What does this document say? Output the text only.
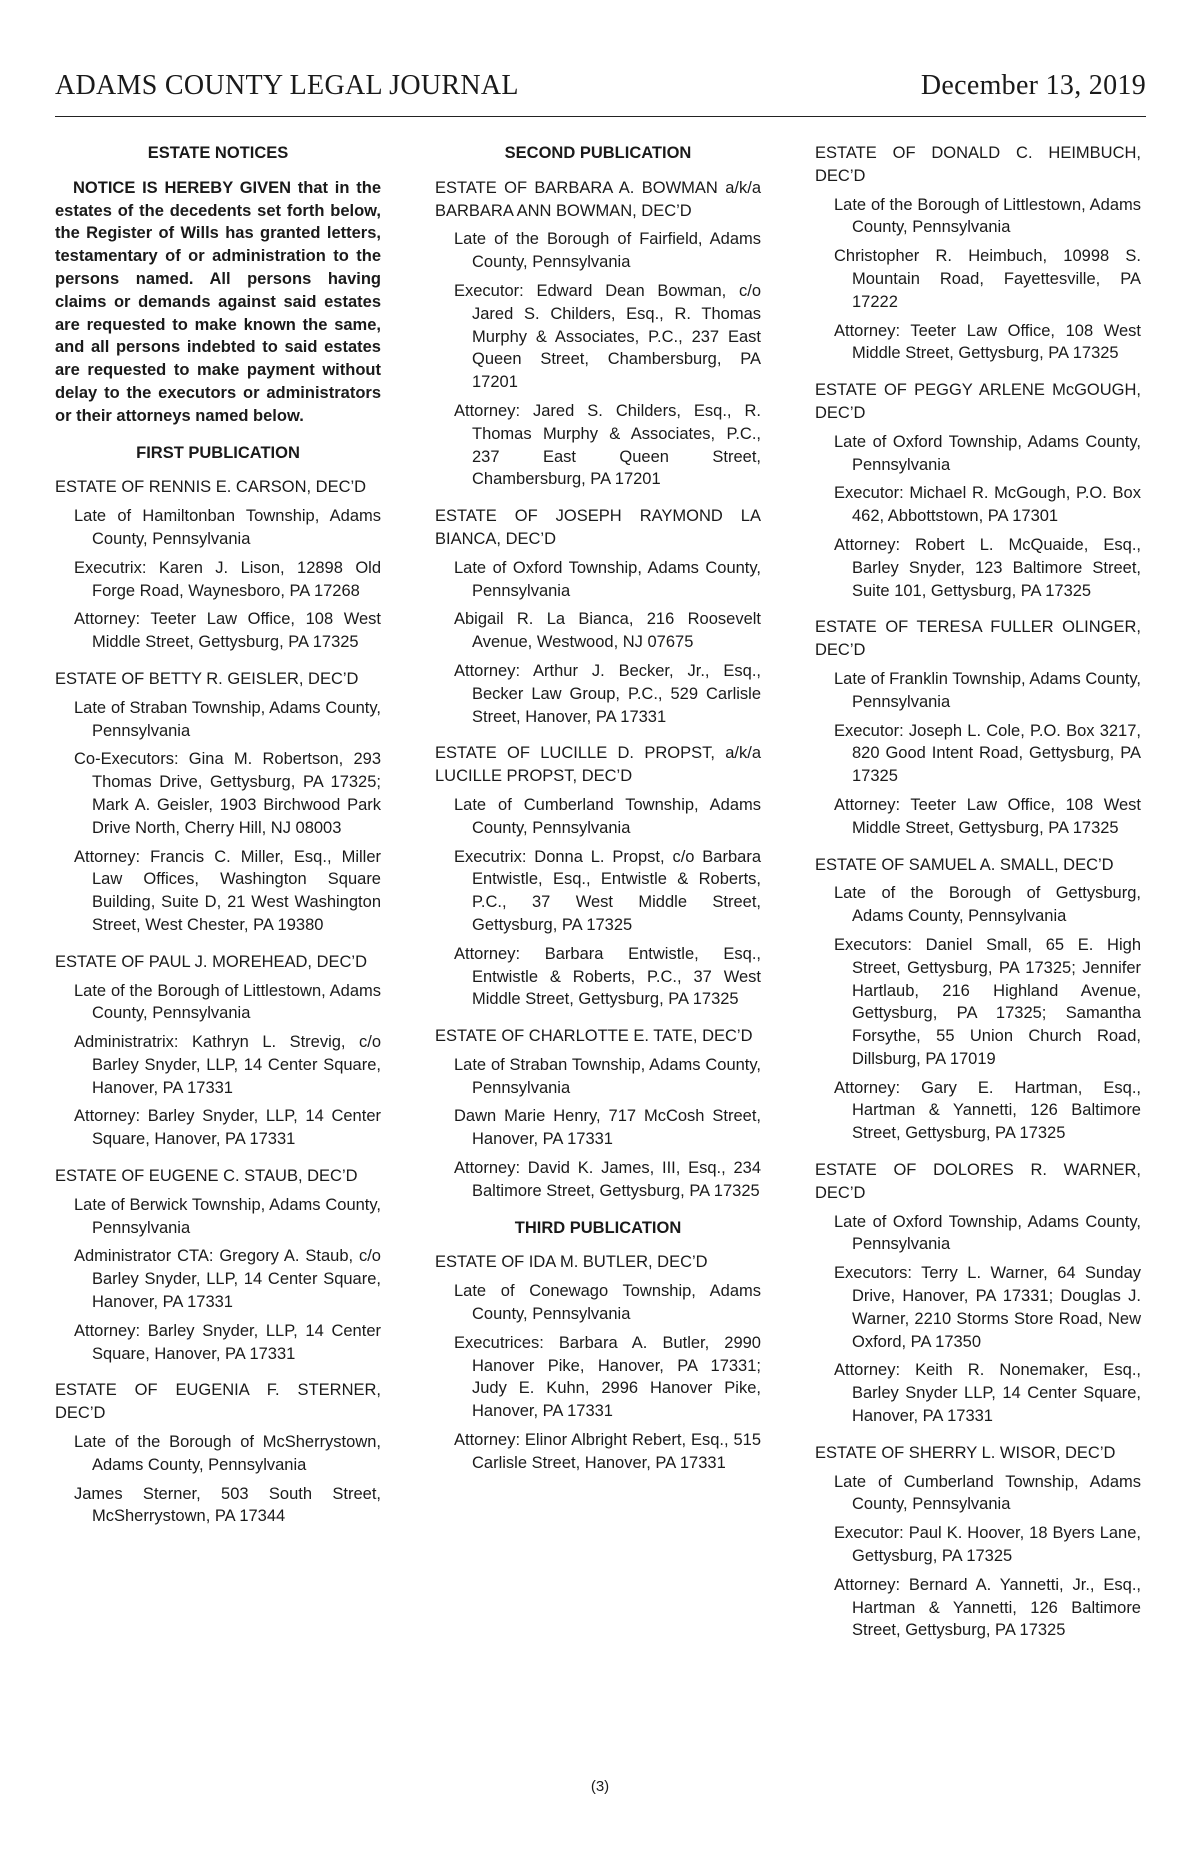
ADAMS COUNTY LEGAL JOURNAL	December 13, 2019

ESTATE NOTICES

NOTICE IS HEREBY GIVEN that in the estates of the decedents set forth below, the Register of Wills has granted letters, testamentary of or administration to the persons named. All persons having claims or demands against said estates are requested to make known the same, and all persons indebted to said estates are requested to make payment without delay to the executors or administrators or their attorneys named below.

FIRST PUBLICATION

ESTATE OF RENNIS E. CARSON, DEC’D

Late of Hamiltonban Township, Adams County, Pennsylvania

Executrix: Karen J. Lison, 12898 Old Forge Road, Waynesboro, PA 17268

Attorney: Teeter Law Office, 108 West Middle Street, Gettysburg, PA 17325

ESTATE OF BETTY R. GEISLER, DEC’D

Late of Straban Township, Adams County, Pennsylvania

Co-Executors: Gina M. Robertson, 293 Thomas Drive, Gettysburg, PA 17325; Mark A. Geisler, 1903 Birchwood Park Drive North, Cherry Hill, NJ 08003

Attorney: Francis C. Miller, Esq., Miller Law Offices, Washington Square Building, Suite D, 21 West Washington Street, West Chester, PA 19380

ESTATE OF PAUL J. MOREHEAD, DEC’D

Late of the Borough of Littlestown, Adams County, Pennsylvania

Administratrix: Kathryn L. Strevig, c/o Barley Snyder, LLP, 14 Center Square, Hanover, PA 17331

Attorney: Barley Snyder, LLP, 14 Center Square, Hanover, PA 17331

ESTATE OF EUGENE C. STAUB, DEC’D

Late of Berwick Township, Adams County, Pennsylvania

Administrator CTA: Gregory A. Staub, c/o Barley Snyder, LLP, 14 Center Square, Hanover, PA 17331

Attorney: Barley Snyder, LLP, 14 Center Square, Hanover, PA 17331

ESTATE OF EUGENIA F. STERNER, DEC’D

Late of the Borough of McSherrystown, Adams County, Pennsylvania

James Sterner, 503 South Street, McSherrystown, PA 17344

SECOND PUBLICATION

ESTATE OF BARBARA A. BOWMAN a/k/a BARBARA ANN BOWMAN, DEC’D

Late of the Borough of Fairfield, Adams County, Pennsylvania

Executor: Edward Dean Bowman, c/o Jared S. Childers, Esq., R. Thomas Murphy & Associates, P.C., 237 East Queen Street, Chambersburg, PA 17201

Attorney: Jared S. Childers, Esq., R. Thomas Murphy & Associates, P.C., 237 East Queen Street, Chambersburg, PA 17201

ESTATE OF JOSEPH RAYMOND LA BIANCA, DEC’D

Late of Oxford Township, Adams County, Pennsylvania

Abigail R. La Bianca, 216 Roosevelt Avenue, Westwood, NJ 07675

Attorney: Arthur J. Becker, Jr., Esq., Becker Law Group, P.C., 529 Carlisle Street, Hanover, PA 17331

ESTATE OF LUCILLE D. PROPST, a/k/a LUCILLE PROPST, DEC’D

Late of Cumberland Township, Adams County, Pennsylvania

Executrix: Donna L. Propst, c/o Barbara Entwistle, Esq., Entwistle & Roberts, P.C., 37 West Middle Street, Gettysburg, PA 17325

Attorney: Barbara Entwistle, Esq., Entwistle & Roberts, P.C., 37 West Middle Street, Gettysburg, PA 17325

ESTATE OF CHARLOTTE E. TATE, DEC’D

Late of Straban Township, Adams County, Pennsylvania

Dawn Marie Henry, 717 McCosh Street, Hanover, PA 17331

Attorney: David K. James, III, Esq., 234 Baltimore Street, Gettysburg, PA 17325

THIRD PUBLICATION

ESTATE OF IDA M. BUTLER, DEC’D

Late of Conewago Township, Adams County, Pennsylvania

Executrices: Barbara A. Butler, 2990 Hanover Pike, Hanover, PA 17331; Judy E. Kuhn, 2996 Hanover Pike, Hanover, PA 17331

Attorney: Elinor Albright Rebert, Esq., 515 Carlisle Street, Hanover, PA 17331

ESTATE OF DONALD C. HEIMBUCH, DEC’D

Late of the Borough of Littlestown, Adams County, Pennsylvania

Christopher R. Heimbuch, 10998 S. Mountain Road, Fayettesville, PA 17222

Attorney: Teeter Law Office, 108 West Middle Street, Gettysburg, PA 17325

ESTATE OF PEGGY ARLENE McGOUGH, DEC’D

Late of Oxford Township, Adams County, Pennsylvania

Executor: Michael R. McGough, P.O. Box 462, Abbottstown, PA 17301

Attorney: Robert L. McQuaide, Esq., Barley Snyder, 123 Baltimore Street, Suite 101, Gettysburg, PA 17325

ESTATE OF TERESA FULLER OLINGER, DEC’D

Late of Franklin Township, Adams County, Pennsylvania

Executor: Joseph L. Cole, P.O. Box 3217, 820 Good Intent Road, Gettysburg, PA 17325

Attorney: Teeter Law Office, 108 West Middle Street, Gettysburg, PA 17325

ESTATE OF SAMUEL A. SMALL, DEC’D

Late of the Borough of Gettysburg, Adams County, Pennsylvania

Executors: Daniel Small, 65 E. High Street, Gettysburg, PA 17325; Jennifer Hartlaub, 216 Highland Avenue, Gettysburg, PA 17325; Samantha Forsythe, 55 Union Church Road, Dillsburg, PA 17019

Attorney: Gary E. Hartman, Esq., Hartman & Yannetti, 126 Baltimore Street, Gettysburg, PA 17325

ESTATE OF DOLORES R. WARNER, DEC’D

Late of Oxford Township, Adams County, Pennsylvania

Executors: Terry L. Warner, 64 Sunday Drive, Hanover, PA 17331; Douglas J. Warner, 2210 Storms Store Road, New Oxford, PA 17350

Attorney: Keith R. Nonemaker, Esq., Barley Snyder LLP, 14 Center Square, Hanover, PA 17331

ESTATE OF SHERRY L. WISOR, DEC’D

Late of Cumberland Township, Adams County, Pennsylvania

Executor: Paul K. Hoover, 18 Byers Lane, Gettysburg, PA 17325

Attorney: Bernard A. Yannetti, Jr., Esq., Hartman & Yannetti, 126 Baltimore Street, Gettysburg, PA 17325

(3)
